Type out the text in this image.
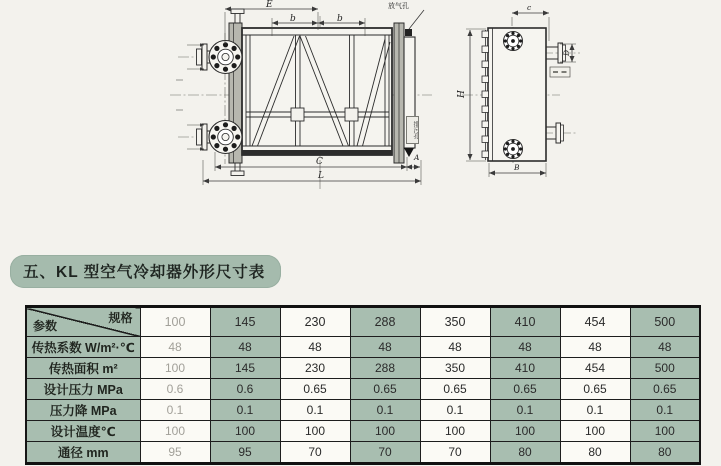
放气孔
E
b	b
C
L
A
H
c
D
B
排污孔
五、KL 型空气冷却器外形尺寸表
规格
参数	100	145	230	288	350	410	454	500
传热系数 W/m²·℃	48	48	48	48	48	48	48	48
传热面积 m²	100	145	230	288	350	410	454	500
设计压力 MPa	0.6	0.6	0.65	0.65	0.65	0.65	0.65	0.65
压力降 MPa	0.1	0.1	0.1	0.1	0.1	0.1	0.1	0.1
设计温度℃	100	100	100	100	100	100	100	100
通径 mm	95	95	70	70	70	80	80	80
